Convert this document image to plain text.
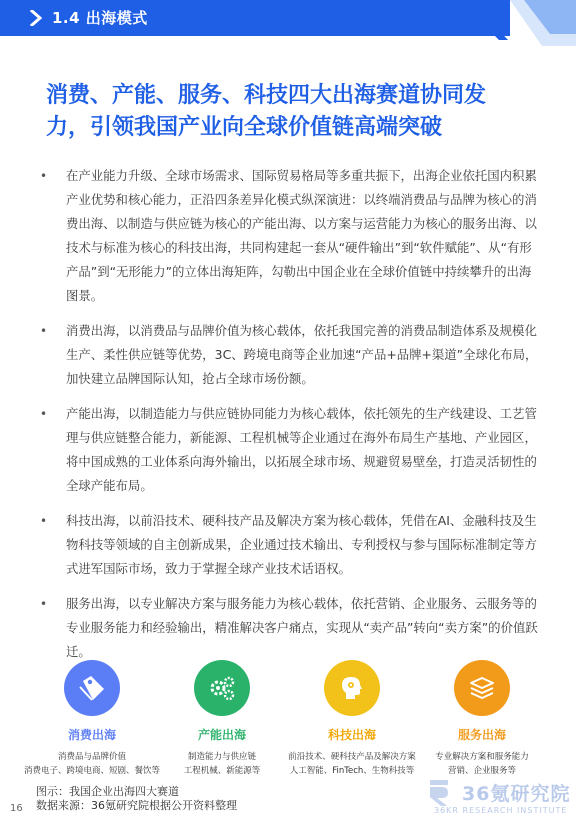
1.4 出海模式
消费、产能、服务、科技四大出海赛道协同发
力，引领我国产业向全球价值链高端突破
• 在产业能力升级、全球市场需求、国际贸易格局等多重共振下，出海企业依托国内积累产业优势和核心能力，正沿四条差异化模式纵深演进：以终端消费品与品牌为核心的消费出海、以制造与供应链为核心的产能出海、以方案与运营能力为核心的服务出海、以技术与标准为核心的科技出海，共同构建起一套从“硬件输出”到“软件赋能”、从“有形产品”到“无形能力”的立体出海矩阵，勾勒出中国企业在全球价值链中持续攀升的出海图景。
• 消费出海，以消费品与品牌价值为核心载体，依托我国完善的消费品制造体系及规模化生产、柔性供应链等优势，3C、跨境电商等企业加速“产品+品牌+渠道”全球化布局，加快建立品牌国际认知，抢占全球市场份额。
• 产能出海，以制造能力与供应链协同能力为核心载体，依托领先的生产线建设、工艺管理与供应链整合能力，新能源、工程机械等企业通过在海外布局生产基地、产业园区，将中国成熟的工业体系向海外输出，以拓展全球市场、规避贸易壁垒，打造灵活韧性的全球产能布局。
• 科技出海，以前沿技术、硬科技产品及解决方案为核心载体，凭借在AI、金融科技及生物科技等领域的自主创新成果，企业通过技术输出、专利授权与参与国际标准制定等方式进军国际市场，致力于掌握全球产业技术话语权。
• 服务出海，以专业解决方案与服务能力为核心载体，依托营销、企业服务、云服务等的专业服务能力和经验输出，精准解决客户痛点，实现从“卖产品”转向“卖方案”的价值跃迁。
消费出海
消费品与品牌价值
消费电子、跨境电商、短剧、餐饮等
产能出海
制造能力与供应链
工程机械、新能源等
科技出海
前沿技术、硬科技产品及解决方案
人工智能、FinTech、生物科技等
服务出海
专业解决方案和服务能力
营销、企业服务等
图示：我国企业出海四大赛道
数据来源：36氪研究院根据公开资料整理
16
36氪研究院
36KR RESEARCH INSTITUTE
